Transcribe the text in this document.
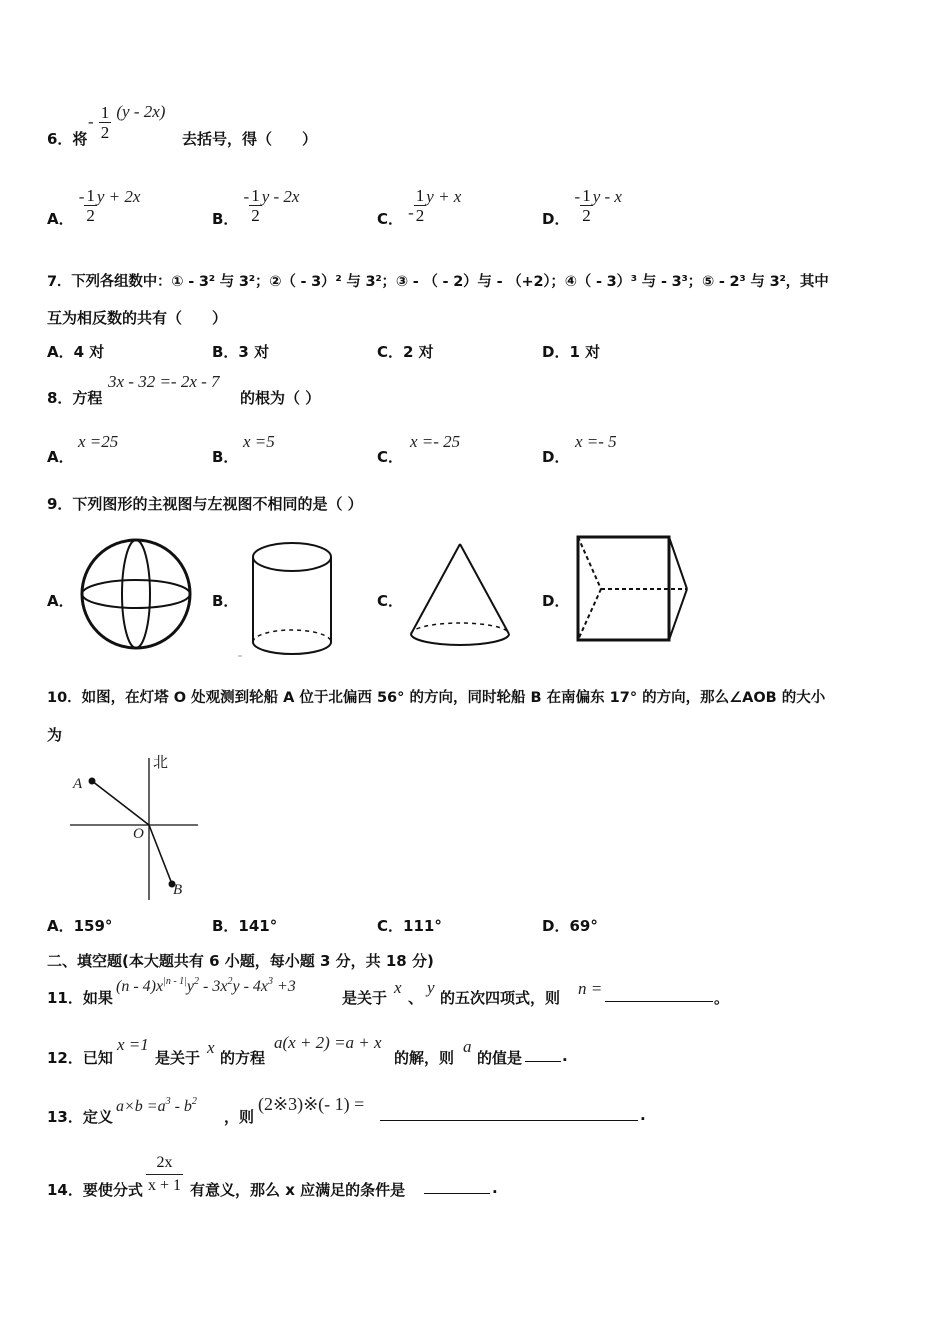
6．将
- $\frac{1}{2} (y - 2x)$
去括号，得（　　）
A． - $\frac{1}{2}$ y + 2x
B． - $\frac{1}{2}$ y - 2x
C． - $\frac{1}{2}$ y + x
D． - $\frac{1}{2}$ y - x
7．下列各组数中：① - 3² 与 3²；②（ - 3）² 与 3²；③ - （ - 2）与 - （+2）；④（ - 3）³ 与 - 3³；⑤ - 2³ 与 3²，其中
互为相反数的共有（　　）
A．4 对	B．3 对	C．2 对	D．1 对
8．方程
3x - 32 =- 2x - 7
的根为（ ）
A．
x =25
B．
x =5
C．
x =- 25
D．
x =- 5
9．下列图形的主视图与左视图不相同的是（ ）
A．	B．	C．	D．
10．如图，在灯塔 O 处观测到轮船 A 位于北偏西 56° 的方向，同时轮船 B 在南偏东 17° 的方向，那么∠AOB 的大小
为
北
A
O
B
A．159°	B．141°	C．111°	D．69°
二、填空题(本大题共有 6 小题，每小题 3 分，共 18 分)
11．如果
$(n - 4)x^{|n - 1|}y^2 - 3x^2y - 4x^3 +3$
是关于
x
、
y
的五次四项式，则 n =	。
12．已知
x =1
是关于
x
的方程
a(x + 2) =a + x
的解，则
a
的值是	.
13．定义
$a\times b =a^3 - b^2$
，则
(2※3)※(- 1) =
.
14．要使分式 $\frac{2x}{x + 1}$ 有意义，那么 x 应满足的条件是	.
